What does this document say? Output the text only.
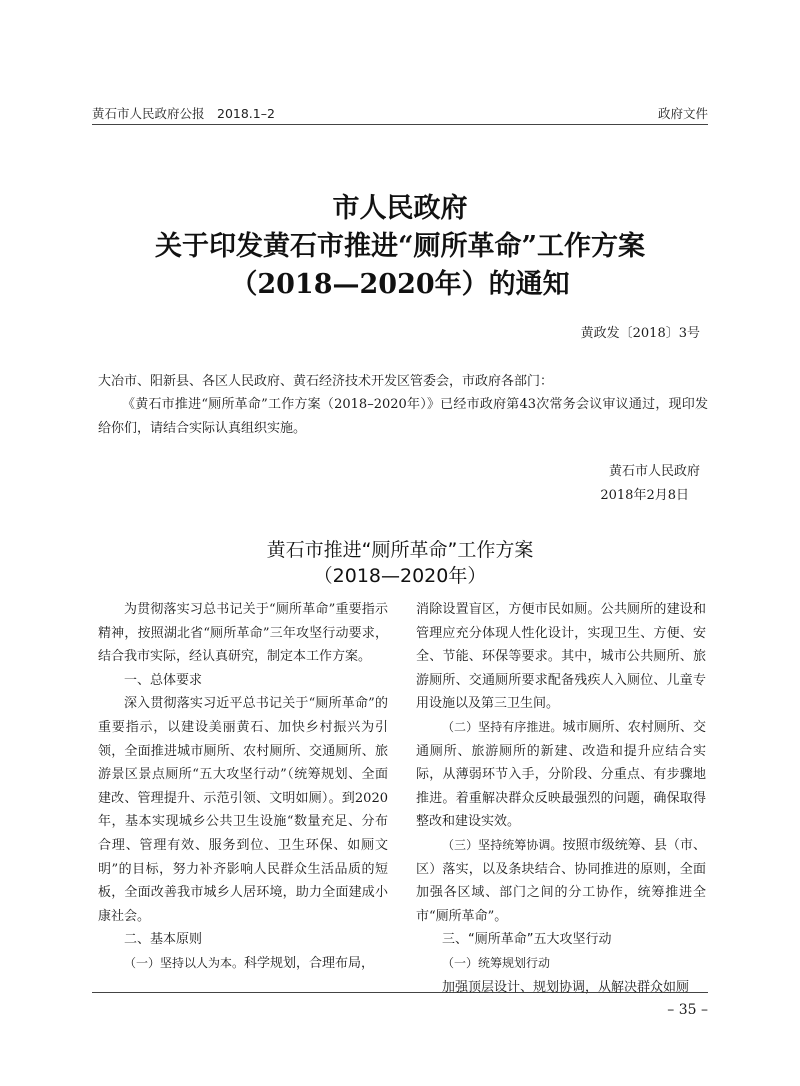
黄石市人民政府公报　2018.1–2	政府文件
市人民政府
关于印发黄石市推进“厕所革命”工作方案
（2018—2020年）的通知
黄政发〔2018〕3号
大冶市、阳新县、各区人民政府、黄石经济技术开发区管委会，市政府各部门：
《黄石市推进“厕所革命”工作方案（2018–2020年）》已经市政府第43次常务会议审议通过，现印发给你们，请结合实际认真组织实施。
黄石市人民政府
2018年2月8日
黄石市推进“厕所革命”工作方案
（2018—2020年）

为贯彻落实习总书记关于“厕所革命”重要指示精神，按照湖北省“厕所革命”三年攻坚行动要求，结合我市实际，经认真研究，制定本工作方案。

一、总体要求

深入贯彻落实习近平总书记关于“厕所革命”的重要指示，以建设美丽黄石、加快乡村振兴为引领，全面推进城市厕所、农村厕所、交通厕所、旅游景区景点厕所“五大攻坚行动”（统筹规划、全面建改、管理提升、示范引领、文明如厕）。到2020年，基本实现城乡公共卫生设施“数量充足、分布合理、管理有效、服务到位、卫生环保、如厕文明”的目标，努力补齐影响人民群众生活品质的短板，全面改善我市城乡人居环境，助力全面建成小康社会。

二、基本原则

（一）坚持以人为本。科学规划，合理布局，

消除设置盲区，方便市民如厕。公共厕所的建设和管理应充分体现人性化设计，实现卫生、方便、安全、节能、环保等要求。其中，城市公共厕所、旅游厕所、交通厕所要求配备残疾人入厕位、儿童专用设施以及第三卫生间。

（二）坚持有序推进。城市厕所、农村厕所、交通厕所、旅游厕所的新建、改造和提升应结合实际，从薄弱环节入手，分阶段、分重点、有步骤地推进。着重解决群众反映最强烈的问题，确保取得整改和建设实效。

（三）坚持统筹协调。按照市级统筹、县（市、区）落实，以及条块结合、协同推进的原则，全面加强各区域、部门之间的分工协作，统筹推进全市“厕所革命”。

三、“厕所革命”五大攻坚行动

（一）统筹规划行动

加强顶层设计、规划协调，从解决群众如厕

– 35 –
